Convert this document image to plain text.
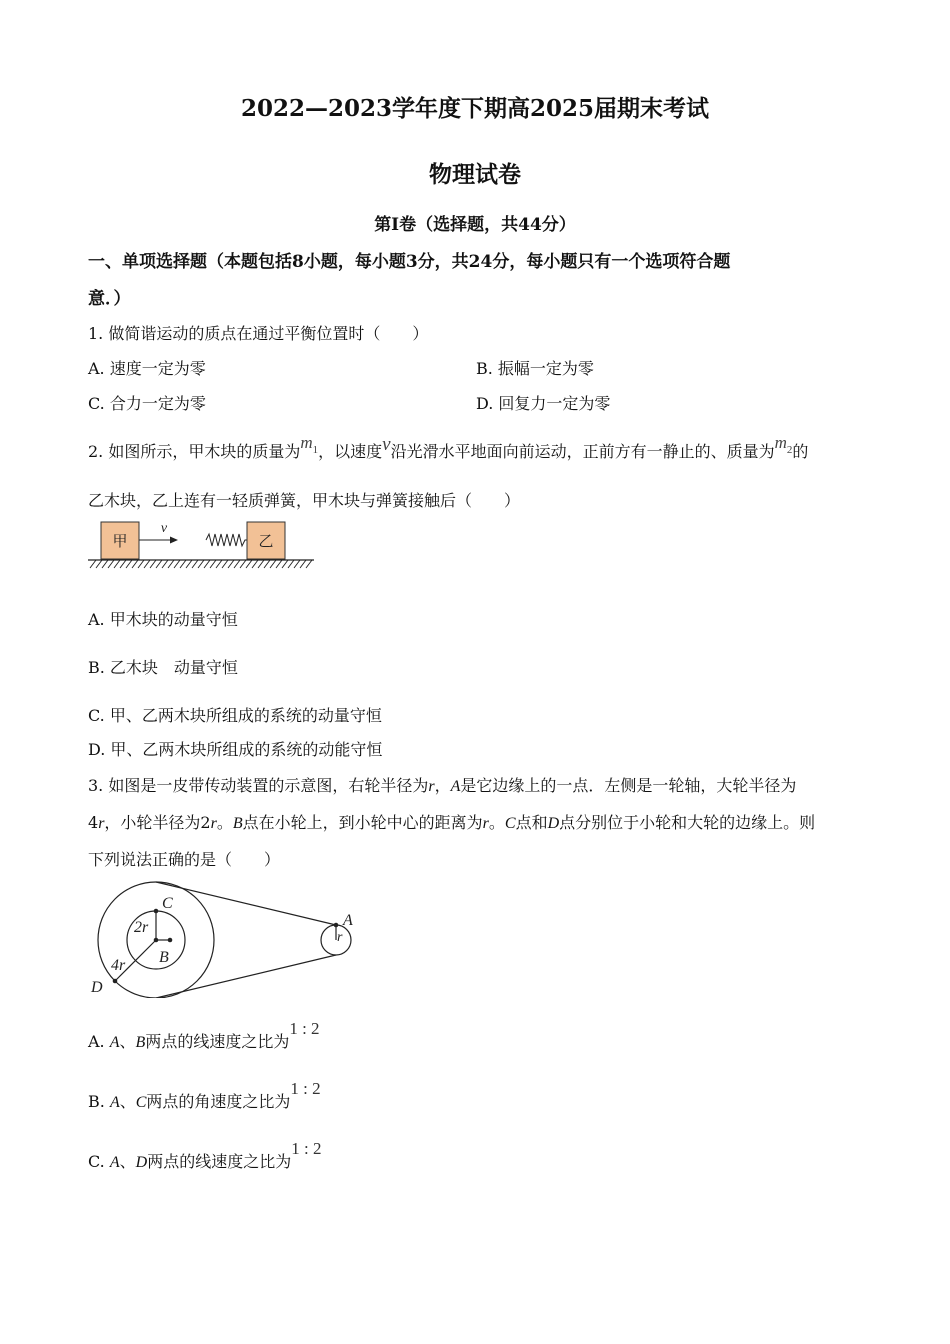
2022—2023学年度下期高2025届期末考试
物理试卷
第I卷（选择题，共44分）
一、单项选择题（本题包括8小题，每小题3分，共24分，每小题只有一个选项符合题
意．）
1. 做简谐运动的质点在通过平衡位置时（　　）
A. 速度一定为零	B. 振幅一定为零
C. 合力一定为零	D. 回复力一定为零
2. 如图所示，甲木块的质量为$m^1$，以速度v沿光滑水平地面向前运动，正前方有一静止的、质量为$m^2$的
乙木块，乙上连有一轻质弹簧，甲木块与弹簧接触后（　　）
甲
v
乙
A. 甲木块的动量守恒
B. 乙木块　动量守恒
C. 甲、乙两木块所组成的系统的动量守恒
D. 甲、乙两木块所组成的系统的动能守恒
3. 如图是一皮带传动装置的示意图，右轮半径为r，A是它边缘上的一点．左侧是一轮轴，大轮半径为
4r，小轮半径为2r。B点在小轮上，到小轮中心的距离为r。C点和D点分别位于小轮和大轮的边缘上。则
下列说法正确的是（　　）
C
2r
B
4r
D
A
r
A. A、B两点的线速度之比为1 : 2
B. A、C两点的角速度之比为1 : 2
C. A、D两点的线速度之比为1 : 2
